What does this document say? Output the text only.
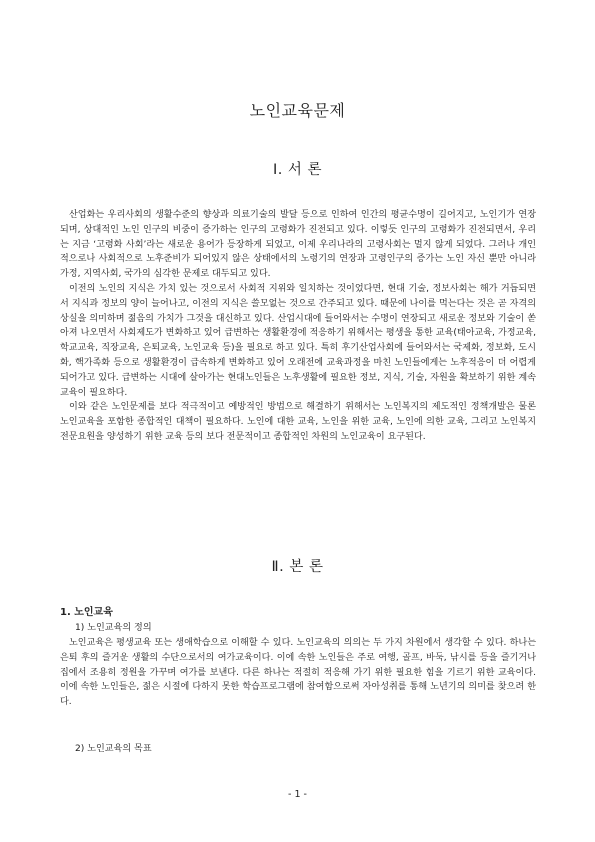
노인교육문제
Ⅰ. 서 론

산업화는 우리사회의 생활수준의 향상과 의료기술의 발달 등으로 인하여 인간의 평균수명이 길어지고, 노인기가 연장되며, 상대적인 노인 인구의 비중이 증가하는 인구의 고령화가 진전되고 있다. 이렇듯 인구의 고령화가 진전되면서, 우리는 지금 ‘고령화 사회’라는 새로운 용어가 등장하게 되었고, 이제 우리나라의 고령사회는 멀지 않게 되었다. 그러나 개인적으로나 사회적으로 노후준비가 되어있지 않은 상태에서의 노령기의 연장과 고령인구의 증가는 노인 자신 뿐만 아니라 가정, 지역사회, 국가의 심각한 문제로 대두되고 있다.

이전의 노인의 지식은 가치 있는 것으로서 사회적 지위와 일치하는 것이었다면, 현대 기술, 정보사회는 해가 거듭되면서 지식과 정보의 양이 늘어나고, 이전의 지식은 쓸모없는 것으로 간주되고 있다. 때문에 나이를 먹는다는 것은 곧 자격의 상실을 의미하며 젊음의 가치가 그것을 대신하고 있다. 산업시대에 들어와서는 수명이 연장되고 새로운 정보와 기술이 쏟아져 나오면서 사회제도가 변화하고 있어 급변하는 생활환경에 적응하기 위해서는 평생을 통한 교육(태아교육, 가정교육, 학교교육, 직장교육, 은퇴교육, 노인교육 등)을 필요로 하고 있다. 특히 후기산업사회에 들어와서는 국제화, 정보화, 도시화, 핵가족화 등으로 생활환경이 급속하게 변화하고 있어 오래전에 교육과정을 마친 노인들에게는 노후적응이 더 어렵게 되어가고 있다. 급변하는 시대에 살아가는 현대노인들은 노후생활에 필요한 정보, 지식, 기술, 자원을 확보하기 위한 계속교육이 필요하다.

이와 같은 노인문제를 보다 적극적이고 예방적인 방법으로 해결하기 위해서는 노인복지의 제도적인 정책개발은 물론 노인교육을 포함한 종합적인 대책이 필요하다. 노인에 대한 교육, 노인을 위한 교육, 노인에 의한 교육, 그리고 노인복지 전문요원을 양성하기 위한 교육 등의 보다 전문적이고 종합적인 차원의 노인교육이 요구된다.

Ⅱ. 본 론
1. 노인교육
1) 노인교육의 정의

노인교육은 평생교육 또는 생애학습으로 이해할 수 있다. 노인교육의 의의는 두 가지 차원에서 생각할 수 있다. 하나는 은퇴 후의 즐거운 생활의 수단으로서의 여가교육이다. 이에 속한 노인들은 주로 여행, 골프, 바둑, 낚시를 등을 즐기거나 집에서 조용히 정원을 가꾸며 여가를 보낸다. 다른 하나는 적절히 적응해 가기 위한 필요한 힘을 기르기 위한 교육이다. 이에 속한 노인들은, 젊은 시절에 다하지 못한 학습프로그램에 참여함으로써 자아성취를 통해 노년기의 의미를 찾으려 한다.

2) 노인교육의 목표
- 1 -
